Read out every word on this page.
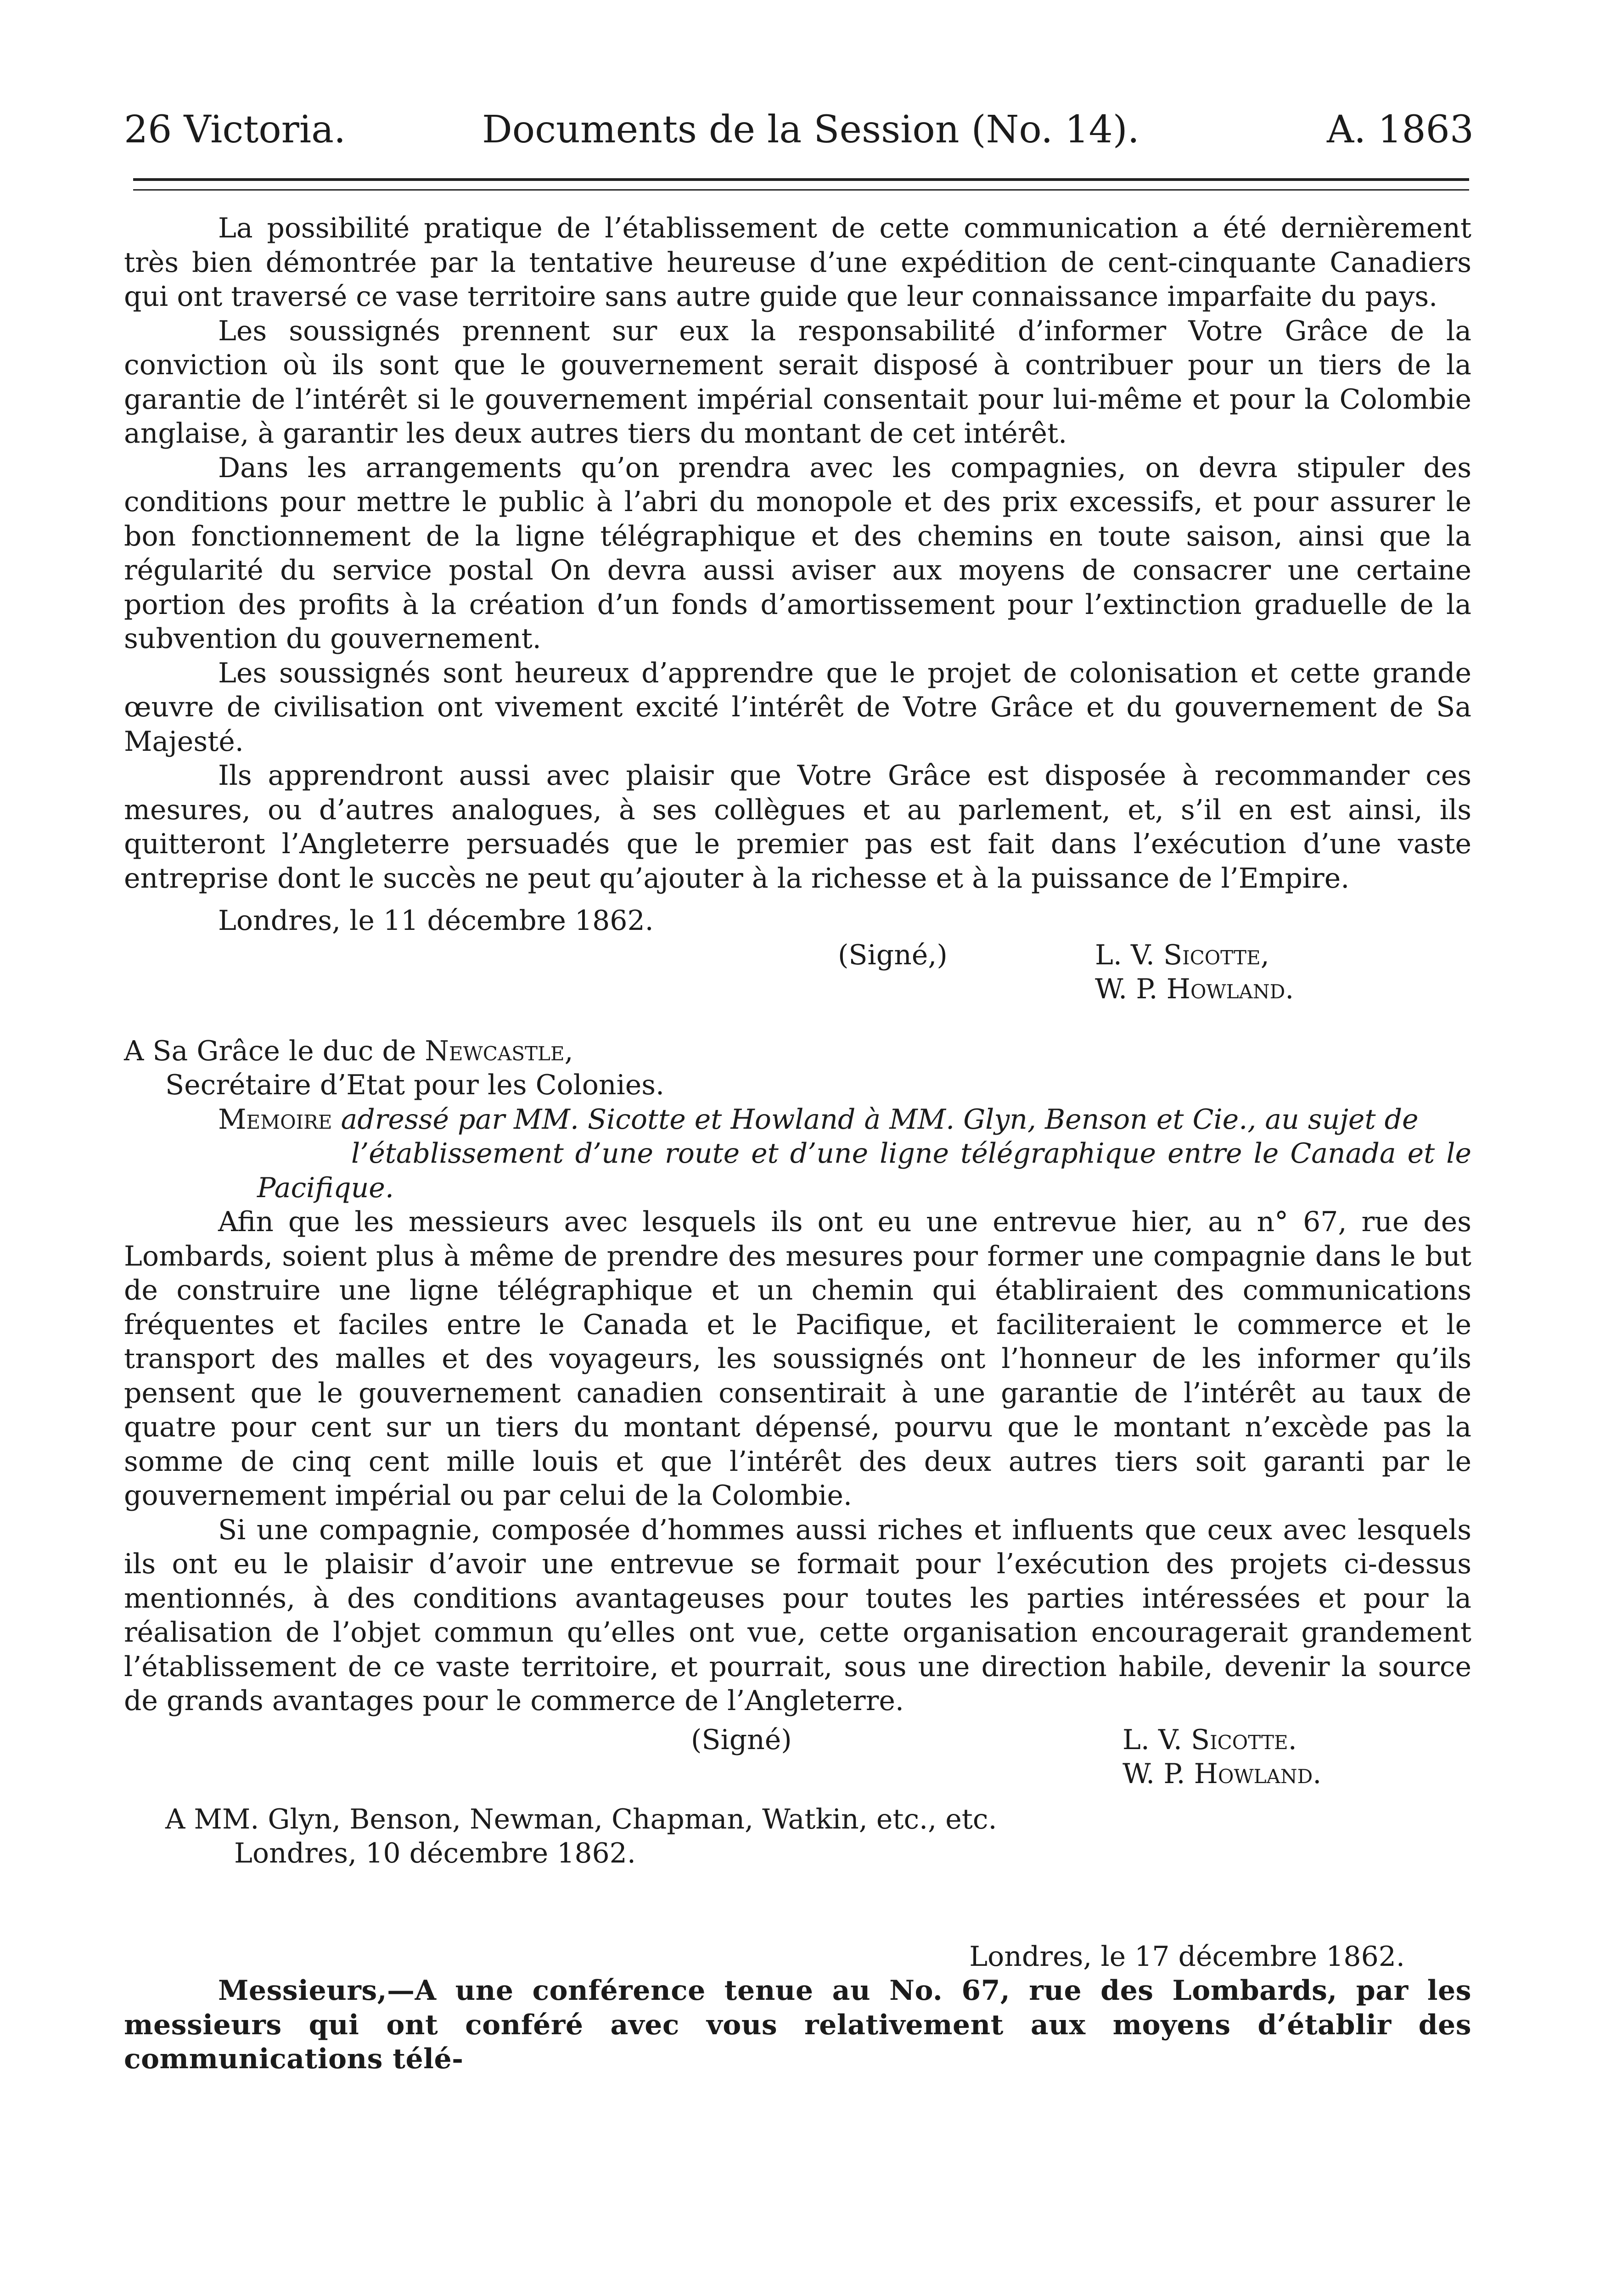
26 Victoria.	Documents de la Session (No. 14).	A. 1863

La possibilité pratique de l’établissement de cette communication a été dernièrement très bien démontrée par la tentative heureuse d’une expédition de cent-cinquante Canadiers qui ont traversé ce vase territoire sans autre guide que leur connaissance imparfaite du pays.

Les soussignés prennent sur eux la responsabilité d’informer Votre Grâce de la conviction où ils sont que le gouvernement serait disposé à contribuer pour un tiers de la garantie de l’intérêt si le gouvernement impérial consentait pour lui-même et pour la Colombie anglaise, à garantir les deux autres tiers du montant de cet intérêt.

Dans les arrangements qu’on prendra avec les compagnies, on devra stipuler des conditions pour mettre le public à l’abri du monopole et des prix excessifs, et pour assurer le bon fonctionnement de la ligne télégraphique et des chemins en toute saison, ainsi que la régularité du service postal On devra aussi aviser aux moyens de consacrer une certaine portion des profits à la création d’un fonds d’amortissement pour l’extinction graduelle de la subvention du gouvernement.

Les soussignés sont heureux d’apprendre que le projet de colonisation et cette grande œuvre de civilisation ont vivement excité l’intérêt de Votre Grâce et du gouvernement de Sa Majesté.

Ils apprendront aussi avec plaisir que Votre Grâce est disposée à recommander ces mesures, ou d’autres analogues, à ses collègues et au parlement, et, s’il en est ainsi, ils quitteront l’Angleterre persuadés que le premier pas est fait dans l’exécution d’une vaste entreprise dont le succès ne peut qu’ajouter à la richesse et à la puissance de l’Empire.

Londres, le 11 décembre 1862.
(Signé,)	L. V. Sicotte,
W. P. Howland.
A Sa Grâce le duc de Newcastle,
Secrétaire d’Etat pour les Colonies.

Memoire adressé par MM. Sicotte et Howland à MM. Glyn, Benson et Cie., au sujet de
l’établissement d’une route et d’une ligne télégraphique entre le Canada et le Pacifique.

Afin que les messieurs avec lesquels ils ont eu une entrevue hier, au n° 67, rue des Lombards, soient plus à même de prendre des mesures pour former une compagnie dans le but de construire une ligne télégraphique et un chemin qui établiraient des communications fréquentes et faciles entre le Canada et le Pacifique, et faciliteraient le commerce et le transport des malles et des voyageurs, les soussignés ont l’honneur de les informer qu’ils pensent que le gouvernement canadien consentirait à une garantie de l’intérêt au taux de quatre pour cent sur un tiers du montant dépensé, pourvu que le montant n’excède pas la somme de cinq cent mille louis et que l’intérêt des deux autres tiers soit garanti par le gouvernement impérial ou par celui de la Colombie.

Si une compagnie, composée d’hommes aussi riches et influents que ceux avec lesquels ils ont eu le plaisir d’avoir une entrevue se formait pour l’exécution des projets ci-dessus mentionnés, à des conditions avantageuses pour toutes les parties intéressées et pour la réalisation de l’objet commun qu’elles ont vue, cette organisation encouragerait grandement l’établissement de ce vaste territoire, et pourrait, sous une direction habile, devenir la source de grands avantages pour le commerce de l’Angleterre.

(Signé)	L. V. Sicotte.
W. P. Howland.
A MM. Glyn, Benson, Newman, Chapman, Watkin, etc., etc.
Londres, 10 décembre 1862.
Londres, le 17 décembre 1862.

Messieurs,—A une conférence tenue au No. 67, rue des Lombards, par les messieurs qui ont conféré avec vous relativement aux moyens d’établir des communications télé-
